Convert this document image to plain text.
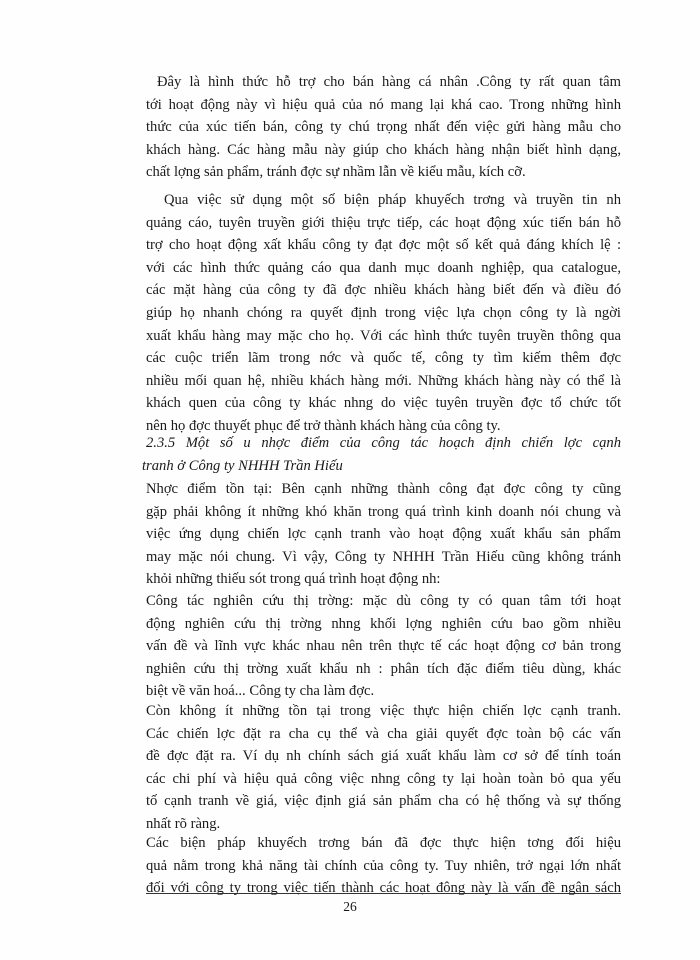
Đây là hình thức hỗ trợ cho bán hàng cá nhân .Công ty rất quan tâm
tới hoạt động này vì hiệu quả của nó mang lại khá cao. Trong những hình
thức của xúc tiến bán, công ty chú trọng nhất đến việc gửi hàng mẫu cho
khách hàng. Các hàng mẫu này giúp cho khách hàng nhận biết hình dạng,
chất lợng sản phẩm, tránh đợc sự nhầm lẫn về kiểu mẫu, kích cỡ.
Qua việc sử dụng một số biện pháp khuyếch trơng và truyền tin nh
quảng cáo, tuyên truyền giới thiệu trực tiếp, các hoạt động xúc tiến bán hỗ
trợ cho hoạt động xất khẩu công ty đạt đợc một số kết quả đáng khích lệ :
với các hình thức quảng cáo qua danh mục doanh nghiệp, qua catalogue,
các mặt hàng của công ty đã đợc nhiều khách hàng biết đến và điều đó
giúp họ nhanh chóng ra quyết định trong việc lựa chọn công ty là ngời
xuất khẩu hàng may mặc cho họ. Với các hình thức tuyên truyền thông qua
các cuộc triển lãm trong nớc và quốc tế, công ty tìm kiếm thêm đợc
nhiều mối quan hệ, nhiều khách hàng mới. Những khách hàng này có thể là
khách quen của công ty khác nhng do việc tuyên truyền đợc tổ chức tốt
nên họ đợc thuyết phục để trở thành khách hàng của công ty.
2.3.5 Một số u nhợc điểm của công tác hoạch định chiến lợc cạnh
tranh ở Công ty NHHH Trần Hiếu
Nhợc điểm tồn tại: Bên cạnh những thành công đạt đợc công ty cũng
gặp phải không ít những khó khăn trong quá trình kinh doanh nói chung và
việc ứng dụng chiến lợc cạnh tranh vào hoạt động xuất khẩu sản phẩm
may mặc nói chung. Vì vậy, Công ty NHHH Trần Hiếu cũng không tránh
khỏi những thiếu sót trong quá trình hoạt động nh:
Công tác nghiên cứu thị trờng: mặc dù công ty có quan tâm tới hoạt
động nghiên cứu thị trờng nhng khối lợng nghiên cứu bao gồm nhiều
vấn đề và lĩnh vực khác nhau nên trên thực tế các hoạt động cơ bản trong
nghiên cứu thị trờng xuất khẩu nh : phân tích đặc điểm tiêu dùng, khác
biệt về văn hoá... Công ty cha làm đợc.
Còn không ít những tồn tại trong việc thực hiện chiến lợc cạnh tranh.
Các chiến lợc đặt ra cha cụ thể và cha giải quyết đợc toàn bộ các vấn
đề đợc đặt ra. Ví dụ nh chính sách giá xuất khẩu làm cơ sở để tính toán
các chi phí và hiệu quả công việc nhng công ty lại hoàn toàn bỏ qua yếu
tố cạnh tranh về giá, việc định giá sản phẩm cha có hệ thống và sự thống
nhất rõ ràng.
Các biện pháp khuyếch trơng bán đã đợc thực hiện tơng đối hiệu
quả nằm trong khả năng tài chính của công ty. Tuy nhiên, trở ngại lớn nhất
đối với công ty trong việc tiến thành các hoạt đông này là vấn đề ngân sách
26
